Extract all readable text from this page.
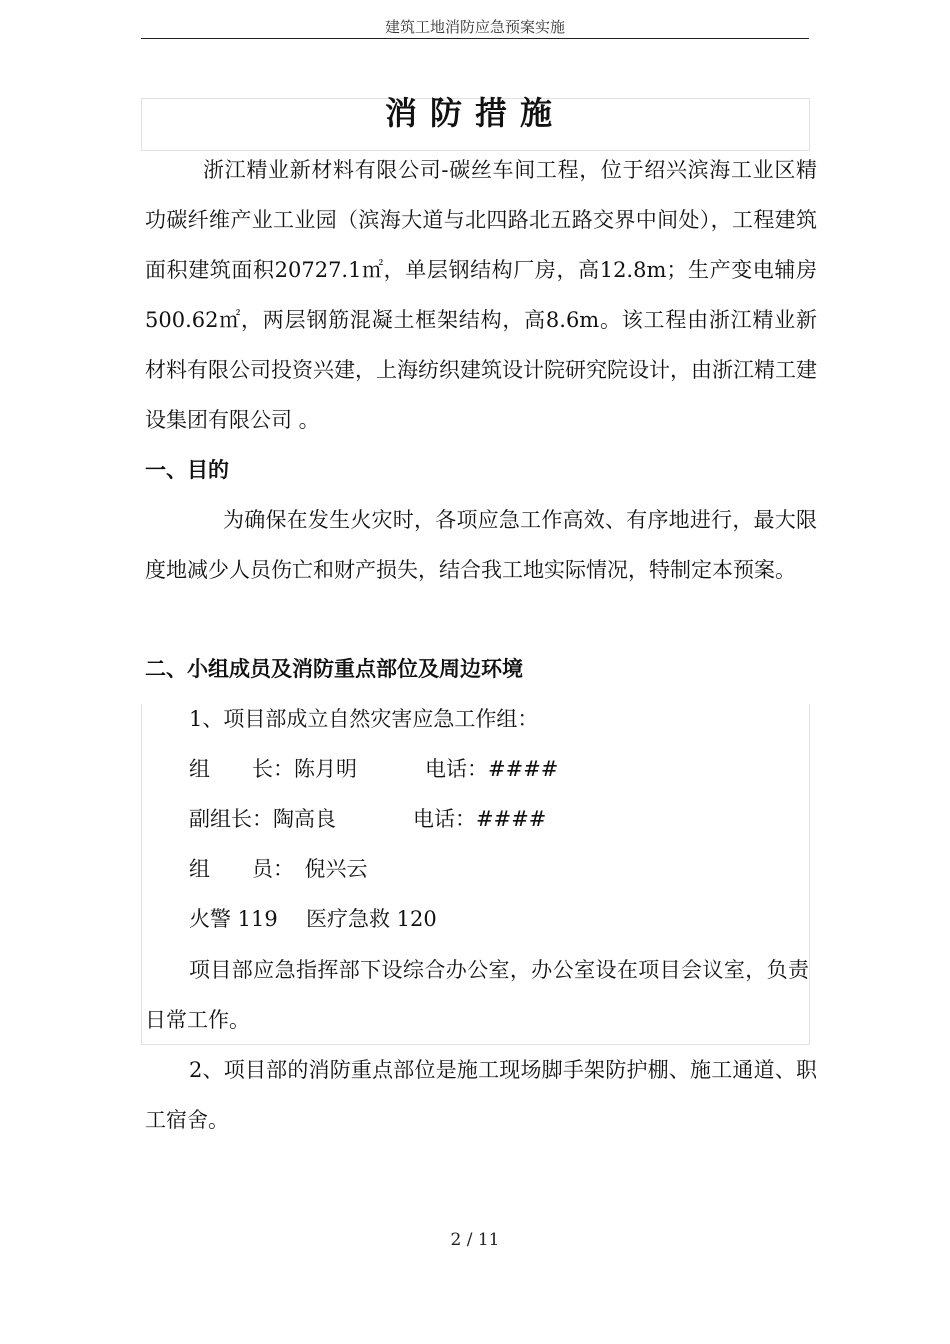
建筑工地消防应急预案实施
消防措施
浙江精业新材料有限公司-碳丝车间工程，位于绍兴滨海工业区精功碳纤维产业工业园（滨海大道与北四路北五路交界中间处），工程建筑面积建筑面积20727.1㎡，单层钢结构厂房，高12.8m；生产变电辅房500.62㎡，两层钢筋混凝土框架结构，高8.6m。该工程由浙江精业新材料有限公司投资兴建，上海纺织建筑设计院研究院设计，由浙江精工建设集团有限公司 。
一、目的
为确保在发生火灾时，各项应急工作高效、有序地进行，最大限度地减少人员伤亡和财产损失，结合我工地实际情况，特制定本预案。
二、小组成员及消防重点部位及周边环境
1、项目部成立自然灾害应急工作组：
组　　长：陈月明	电话：####
副组长：陶高良	电话：####
组　　员：　倪兴云
火警 119 医疗急救 120
项目部应急指挥部下设综合办公室，办公室设在项目会议室，负责日常工作。
2、项目部的消防重点部位是施工现场脚手架防护棚、施工通道、职工宿舍。
2 / 11
